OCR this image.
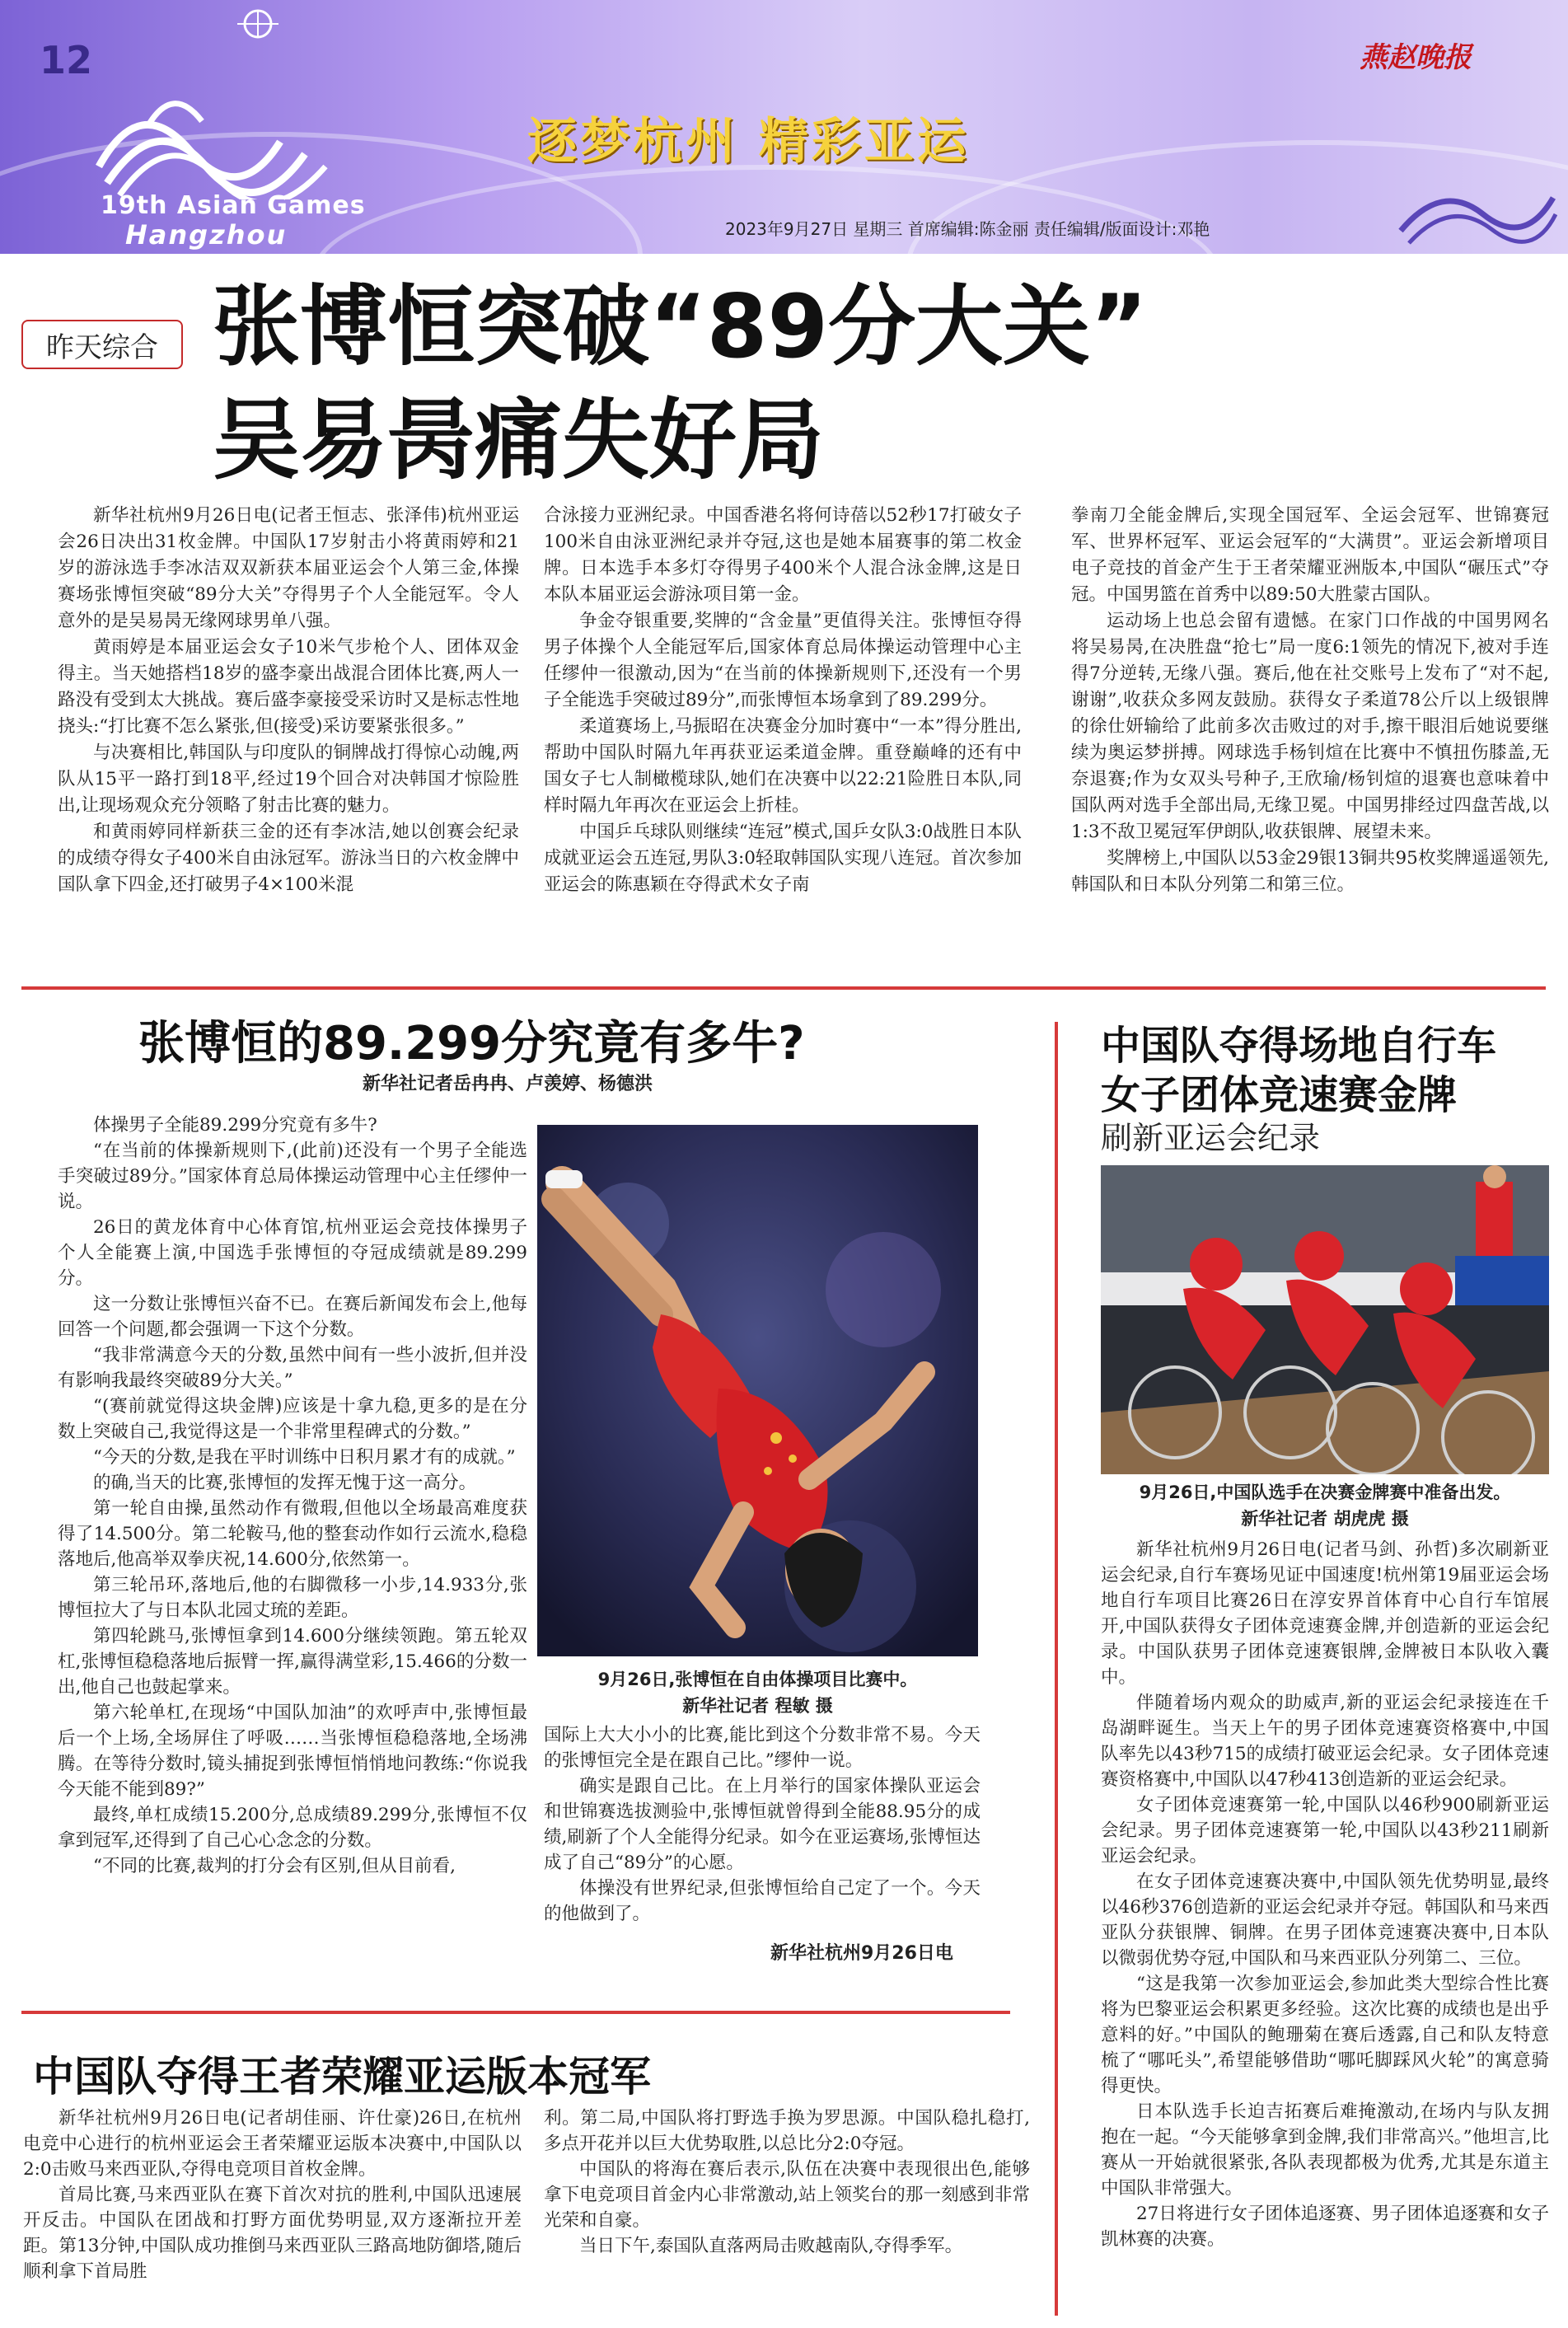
12
19th Asian Games
Hangzhou
逐梦杭州 精彩亚运
燕赵晚报
2023年9月27日 星期三 首席编辑:陈金丽 责任编辑/版面设计:邓艳
昨天综合 张博恒突破“89分大关”
吴易昺痛失好局

新华社杭州9月26日电(记者王恒志、张泽伟)杭州亚运会26日决出31枚金牌。中国队17岁射击小将黄雨婷和21岁的游泳选手李冰洁双双新获本届亚运会个人第三金,体操赛场张博恒突破“89分大关”夺得男子个人全能冠军。令人意外的是吴易昺无缘网球男单八强。

黄雨婷是本届亚运会女子10米气步枪个人、团体双金得主。当天她搭档18岁的盛李豪出战混合团体比赛,两人一路没有受到太大挑战。赛后盛李豪接受采访时又是标志性地挠头:“打比赛不怎么紧张,但(接受)采访要紧张很多。”

与决赛相比,韩国队与印度队的铜牌战打得惊心动魄,两队从15平一路打到18平,经过19个回合对决韩国才惊险胜出,让现场观众充分领略了射击比赛的魅力。

和黄雨婷同样新获三金的还有李冰洁,她以创赛会纪录的成绩夺得女子400米自由泳冠军。游泳当日的六枚金牌中国队拿下四金,还打破男子4×100米混

合泳接力亚洲纪录。中国香港名将何诗蓓以52秒17打破女子100米自由泳亚洲纪录并夺冠,这也是她本届赛事的第二枚金牌。日本选手本多灯夺得男子400米个人混合泳金牌,这是日本队本届亚运会游泳项目第一金。

争金夺银重要,奖牌的“含金量”更值得关注。张博恒夺得男子体操个人全能冠军后,国家体育总局体操运动管理中心主任缪仲一很激动,因为“在当前的体操新规则下,还没有一个男子全能选手突破过89分”,而张博恒本场拿到了89.299分。

柔道赛场上,马振昭在决赛金分加时赛中“一本”得分胜出,帮助中国队时隔九年再获亚运柔道金牌。重登巅峰的还有中国女子七人制橄榄球队,她们在决赛中以22:21险胜日本队,同样时隔九年再次在亚运会上折桂。

中国乒乓球队则继续“连冠”模式,国乒女队3:0战胜日本队成就亚运会五连冠,男队3:0轻取韩国队实现八连冠。首次参加亚运会的陈惠颖在夺得武术女子南

拳南刀全能金牌后,实现全国冠军、全运会冠军、世锦赛冠军、世界杯冠军、亚运会冠军的“大满贯”。亚运会新增项目电子竞技的首金产生于王者荣耀亚洲版本,中国队“碾压式”夺冠。中国男篮在首秀中以89:50大胜蒙古国队。

运动场上也总会留有遗憾。在家门口作战的中国男网名将吴易昺,在决胜盘“抢七”局一度6:1领先的情况下,被对手连得7分逆转,无缘八强。赛后,他在社交账号上发布了“对不起,谢谢”,收获众多网友鼓励。获得女子柔道78公斤以上级银牌的徐仕妍输给了此前多次击败过的对手,擦干眼泪后她说要继续为奥运梦拼搏。网球选手杨钊煊在比赛中不慎扭伤膝盖,无奈退赛;作为女双头号种子,王欣瑜/杨钊煊的退赛也意味着中国队两对选手全部出局,无缘卫冕。中国男排经过四盘苦战,以1:3不敌卫冕冠军伊朗队,收获银牌、展望未来。

奖牌榜上,中国队以53金29银13铜共95枚奖牌遥遥领先,韩国队和日本队分列第二和第三位。

张博恒的89.299分究竟有多牛?
新华社记者岳冉冉、卢羡婷、杨德洪

体操男子全能89.299分究竟有多牛?

“在当前的体操新规则下,(此前)还没有一个男子全能选手突破过89分。”国家体育总局体操运动管理中心主任缪仲一说。

26日的黄龙体育中心体育馆,杭州亚运会竞技体操男子个人全能赛上演,中国选手张博恒的夺冠成绩就是89.299分。

这一分数让张博恒兴奋不已。在赛后新闻发布会上,他每回答一个问题,都会强调一下这个分数。

“我非常满意今天的分数,虽然中间有一些小波折,但并没有影响我最终突破89分大关。”

“(赛前就觉得这块金牌)应该是十拿九稳,更多的是在分数上突破自己,我觉得这是一个非常里程碑式的分数。”

“今天的分数,是我在平时训练中日积月累才有的成就。”

的确,当天的比赛,张博恒的发挥无愧于这一高分。

第一轮自由操,虽然动作有微瑕,但他以全场最高难度获得了14.500分。第二轮鞍马,他的整套动作如行云流水,稳稳落地后,他高举双拳庆祝,14.600分,依然第一。

第三轮吊环,落地后,他的右脚微移一小步,14.933分,张博恒拉大了与日本队北园丈琉的差距。

第四轮跳马,张博恒拿到14.600分继续领跑。第五轮双杠,张博恒稳稳落地后振臂一挥,赢得满堂彩,15.466的分数一出,他自己也鼓起掌来。

第六轮单杠,在现场“中国队加油”的欢呼声中,张博恒最后一个上场,全场屏住了呼吸……当张博恒稳稳落地,全场沸腾。在等待分数时,镜头捕捉到张博恒悄悄地问教练:“你说我今天能不能到89?”

最终,单杠成绩15.200分,总成绩89.299分,张博恒不仅拿到冠军,还得到了自己心心念念的分数。

“不同的比赛,裁判的打分会有区别,但从目前看,

9月26日,张博恒在自由体操项目比赛中。
新华社记者 程敏 摄

国际上大大小小的比赛,能比到这个分数非常不易。今天的张博恒完全是在跟自己比。”缪仲一说。

确实是跟自己比。在上月举行的国家体操队亚运会和世锦赛选拔测验中,张博恒就曾得到全能88.95分的成绩,刷新了个人全能得分纪录。如今在亚运赛场,张博恒达成了自己“89分”的心愿。

体操没有世界纪录,但张博恒给自己定了一个。今天的他做到了。

新华社杭州9月26日电
中国队夺得场地自行车
女子团体竞速赛金牌
刷新亚运会纪录
9月26日,中国队选手在决赛金牌赛中准备出发。
新华社记者 胡虎虎 摄

新华社杭州9月26日电(记者马剑、孙哲)多次刷新亚运会纪录,自行车赛场见证中国速度!杭州第19届亚运会场地自行车项目比赛26日在淳安界首体育中心自行车馆展开,中国队获得女子团体竞速赛金牌,并创造新的亚运会纪录。中国队获男子团体竞速赛银牌,金牌被日本队收入囊中。

伴随着场内观众的助威声,新的亚运会纪录接连在千岛湖畔诞生。当天上午的男子团体竞速赛资格赛中,中国队率先以43秒715的成绩打破亚运会纪录。女子团体竞速赛资格赛中,中国队以47秒413创造新的亚运会纪录。

女子团体竞速赛第一轮,中国队以46秒900刷新亚运会纪录。男子团体竞速赛第一轮,中国队以43秒211刷新亚运会纪录。

在女子团体竞速赛决赛中,中国队领先优势明显,最终以46秒376创造新的亚运会纪录并夺冠。韩国队和马来西亚队分获银牌、铜牌。在男子团体竞速赛决赛中,日本队以微弱优势夺冠,中国队和马来西亚队分列第二、三位。

“这是我第一次参加亚运会,参加此类大型综合性比赛将为巴黎亚运会积累更多经验。这次比赛的成绩也是出乎意料的好。”中国队的鲍珊菊在赛后透露,自己和队友特意梳了“哪吒头”,希望能够借助“哪吒脚踩风火轮”的寓意骑得更快。

日本队选手长迫吉拓赛后难掩激动,在场内与队友拥抱在一起。“今天能够拿到金牌,我们非常高兴。”他坦言,比赛从一开始就很紧张,各队表现都极为优秀,尤其是东道主中国队非常强大。

27日将进行女子团体追逐赛、男子团体追逐赛和女子凯林赛的决赛。

中国队夺得王者荣耀亚运版本冠军

新华社杭州9月26日电(记者胡佳丽、许仕豪)26日,在杭州电竞中心进行的杭州亚运会王者荣耀亚运版本决赛中,中国队以2:0击败马来西亚队,夺得电竞项目首枚金牌。

首局比赛,马来西亚队在赛下首次对抗的胜利,中国队迅速展开反击。中国队在团战和打野方面优势明显,双方逐渐拉开差距。第13分钟,中国队成功推倒马来西亚队三路高地防御塔,随后顺利拿下首局胜

利。第二局,中国队将打野选手换为罗思源。中国队稳扎稳打,多点开花并以巨大优势取胜,以总比分2:0夺冠。

中国队的将海在赛后表示,队伍在决赛中表现很出色,能够拿下电竞项目首金内心非常激动,站上领奖台的那一刻感到非常光荣和自豪。

当日下午,泰国队直落两局击败越南队,夺得季军。
